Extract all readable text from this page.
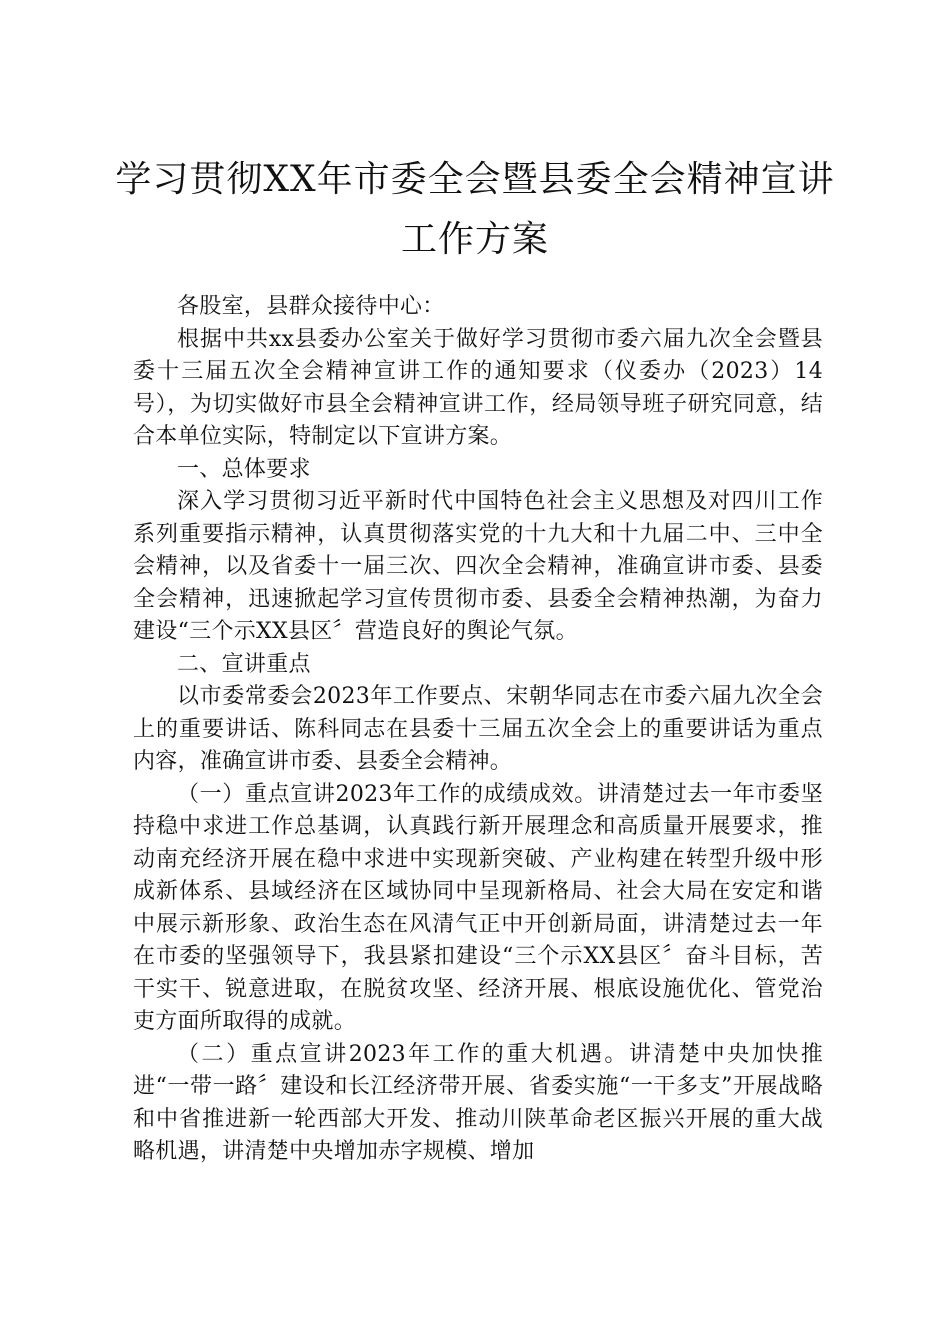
学习贯彻XX年市委全会暨县委全会精神宣讲
工作方案

各股室，县群众接待中心：

根据中共xx县委办公室关于做好学习贯彻市委六届九次全会暨县委十三届五次全会精神宣讲工作的通知要求（仪委办（2023）14号），为切实做好市县全会精神宣讲工作，经局领导班子研究同意，结合本单位实际，特制定以下宣讲方案。

一、总体要求

深入学习贯彻习近平新时代中国特色社会主义思想及对四川工作系列重要指示精神，认真贯彻落实党的十九大和十九届二中、三中全会精神，以及省委十一届三次、四次全会精神，准确宣讲市委、县委全会精神，迅速掀起学习宣传贯彻市委、县委全会精神热潮，为奋力建设“三个示XX县区〞营造良好的舆论气氛。

二、宣讲重点

以市委常委会2023年工作要点、宋朝华同志在市委六届九次全会上的重要讲话、陈科同志在县委十三届五次全会上的重要讲话为重点内容，准确宣讲市委、县委全会精神。

（一）重点宣讲2023年工作的成绩成效。讲清楚过去一年市委坚持稳中求进工作总基调，认真践行新开展理念和高质量开展要求，推动南充经济开展在稳中求进中实现新突破、产业构建在转型升级中形成新体系、县域经济在区域协同中呈现新格局、社会大局在安定和谐中展示新形象、政治生态在风清气正中开创新局面，讲清楚过去一年在市委的坚强领导下，我县紧扣建设“三个示XX县区〞奋斗目标，苦干实干、锐意进取，在脱贫攻坚、经济开展、根底设施优化、管党治吏方面所取得的成就。

（二）重点宣讲2023年工作的重大机遇。讲清楚中央加快推进“一带一路〞建设和长江经济带开展、省委实施“一干多支”开展战略和中省推进新一轮西部大开发、推动川陕革命老区振兴开展的重大战略机遇，讲清楚中央增加赤字规模、增加
